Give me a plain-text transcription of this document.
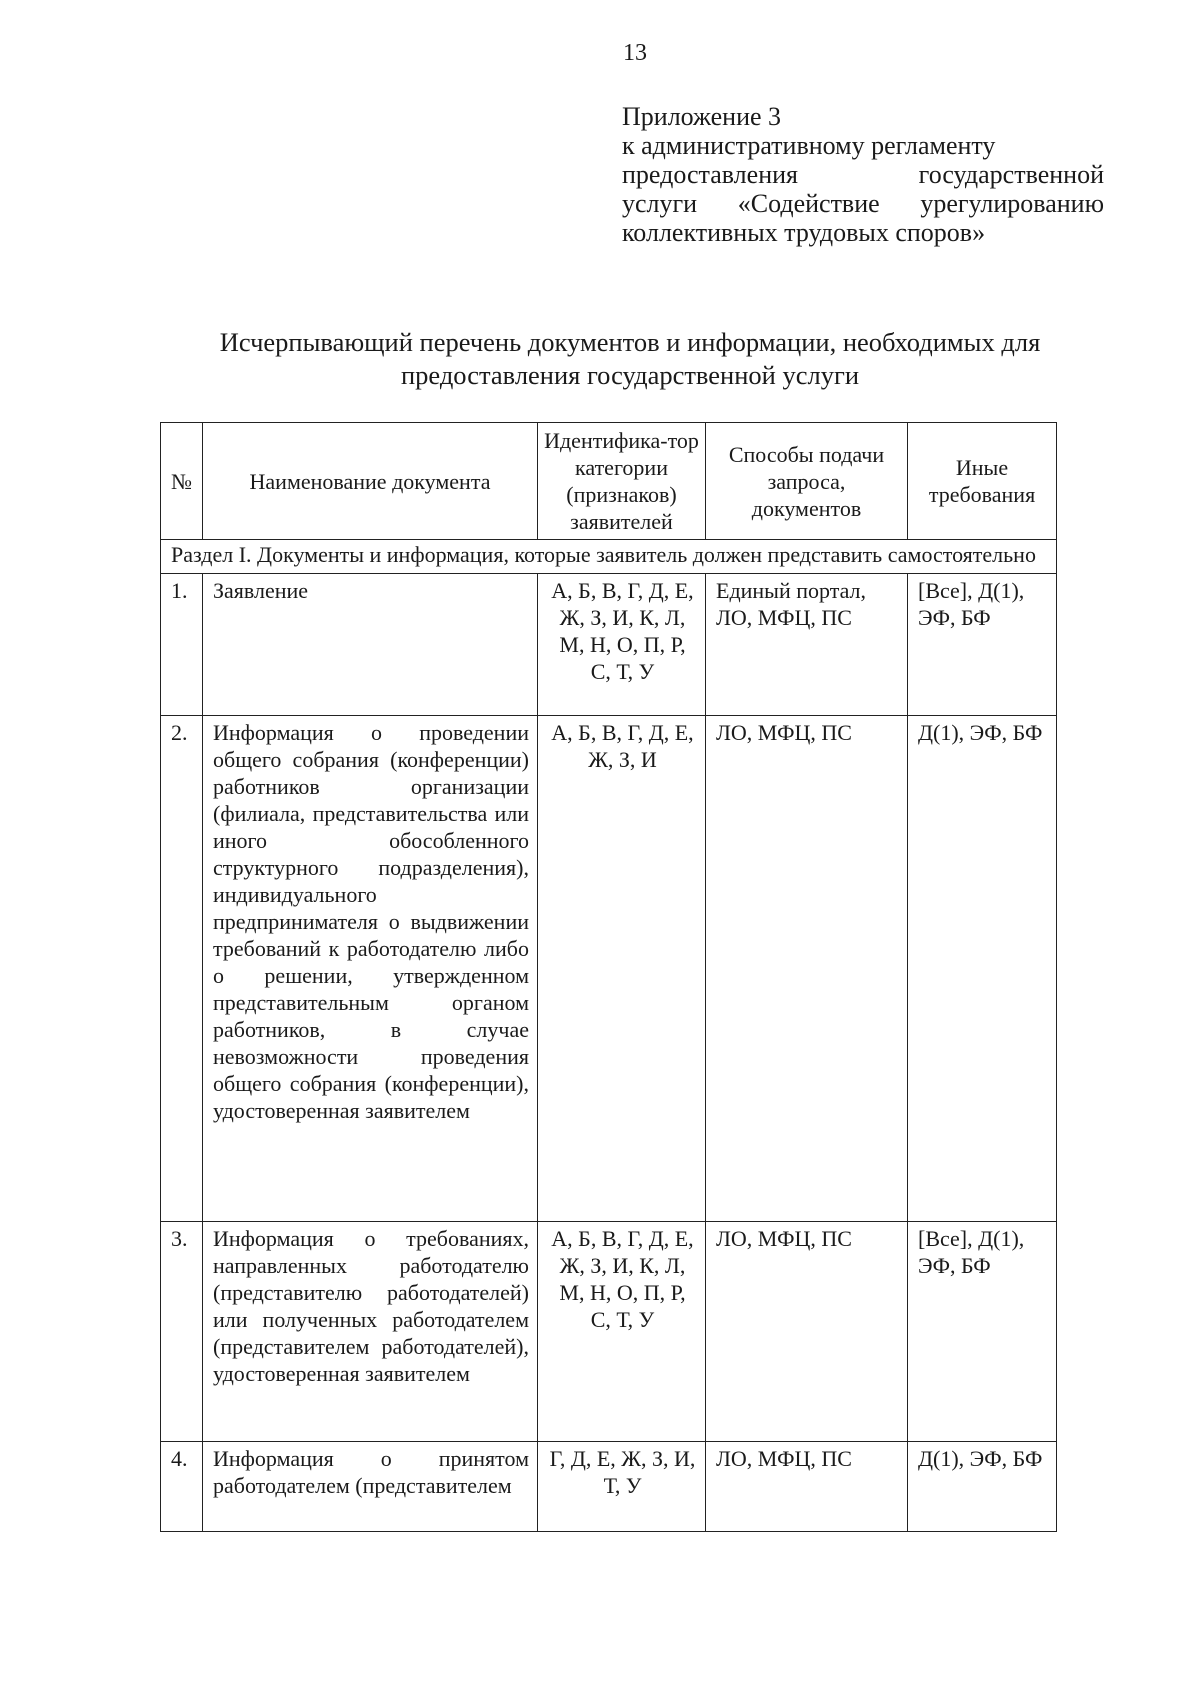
13
Приложение 3
к административному регламенту
предоставления государственной
услуги «Содействие урегулированию
коллективных трудовых споров»
Исчерпывающий перечень документов и информации, необходимых для
предоставления государственной услуги
№	Наименование документа	Идентифика-тор категории (признаков) заявителей	Способы подачи запроса, документов	Иные требования
Раздел I. Документы и информация, которые заявитель должен представить самостоятельно				
1.	Заявление	А, Б, В, Г, Д, Е, Ж, З, И, К, Л, М, Н, О, П, Р, С, Т, У	Единый портал, ЛО, МФЦ, ПС	[Все], Д(1), ЭФ, БФ
2.	Информация о проведении общего собрания (конференции) работников организации (филиала, представительства или иного обособленного структурного подразделения), индивидуального предпринимателя о выдвижении требований к работодателю либо о решении, утвержденном представительным органом работников, в случае невозможности проведения общего собрания (конференции), удостоверенная заявителем	А, Б, В, Г, Д, Е, Ж, З, И	ЛО, МФЦ, ПС	Д(1), ЭФ, БФ
3.	Информация о требованиях, направленных работодателю (представителю работодателей) или полученных работодателем (представителем работодателей), удостоверенная заявителем	А, Б, В, Г, Д, Е, Ж, З, И, К, Л, М, Н, О, П, Р, С, Т, У	ЛО, МФЦ, ПС	[Все], Д(1), ЭФ, БФ
4.	Информация о принятом работодателем (представителем	Г, Д, Е, Ж, З, И, Т, У	ЛО, МФЦ, ПС	Д(1), ЭФ, БФ
